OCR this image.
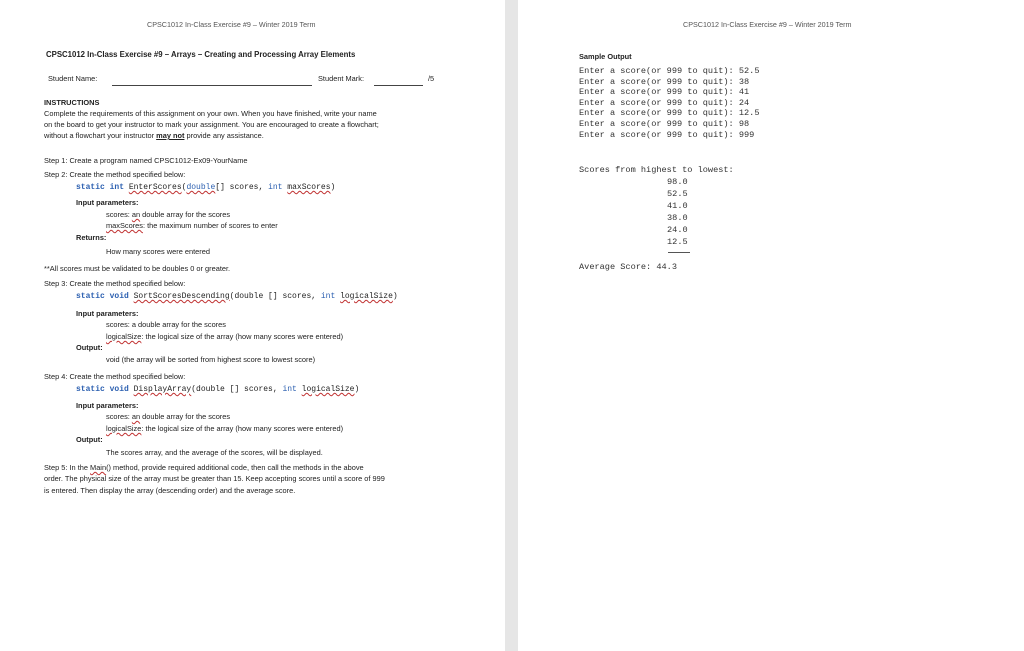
CPSC1012 In-Class Exercise #9 – Winter 2019 Term
CPSC1012 In-Class Exercise #9 – Arrays – Creating and Processing Array Elements
Student Name:	Student Mark:	/5
INSTRUCTIONS
Complete the requirements of this assignment on your own. When you have finished, write your name
on the board to get your instructor to mark your assignment. You are encouraged to create a flowchart;
without a flowchart your instructor may not provide any assistance.
Step 1: Create a program named CPSC1012-Ex09-YourName
Step 2: Create the method specified below:
static int EnterScores(double[] scores, int maxScores)
Input parameters:
scores: an double array for the scores
maxScores: the maximum number of scores to enter
Returns:
How many scores were entered
**All scores must be validated to be doubles 0 or greater.
Step 3: Create the method specified below:
static void SortScoresDescending(double [] scores, int logicalSize)
Input parameters:
scores: a double array for the scores
logicalSize: the logical size of the array (how many scores were entered)
Output:
void (the array will be sorted from highest score to lowest score)
Step 4: Create the method specified below:
static void DisplayArray(double [] scores, int logicalSize)
Input parameters:
scores: an double array for the scores
logicalSize: the logical size of the array (how many scores were entered)
Output:
The scores array, and the average of the scores, will be displayed.
Step 5: In the Main() method, provide required additional code, then call the methods in the above
order. The physical size of the array must be greater than 15. Keep accepting scores until a score of 999
is entered. Then display the array (descending order) and the average score.
CPSC1012 In-Class Exercise #9 – Winter 2019 Term
Sample Output
Enter a score(or 999 to quit): 52.5
Enter a score(or 999 to quit): 38
Enter a score(or 999 to quit): 41
Enter a score(or 999 to quit): 24
Enter a score(or 999 to quit): 12.5
Enter a score(or 999 to quit): 98
Enter a score(or 999 to quit): 999
Scores from highest to lowest:
98.0
52.5
41.0
38.0
24.0
12.5
Average Score: 44.3
